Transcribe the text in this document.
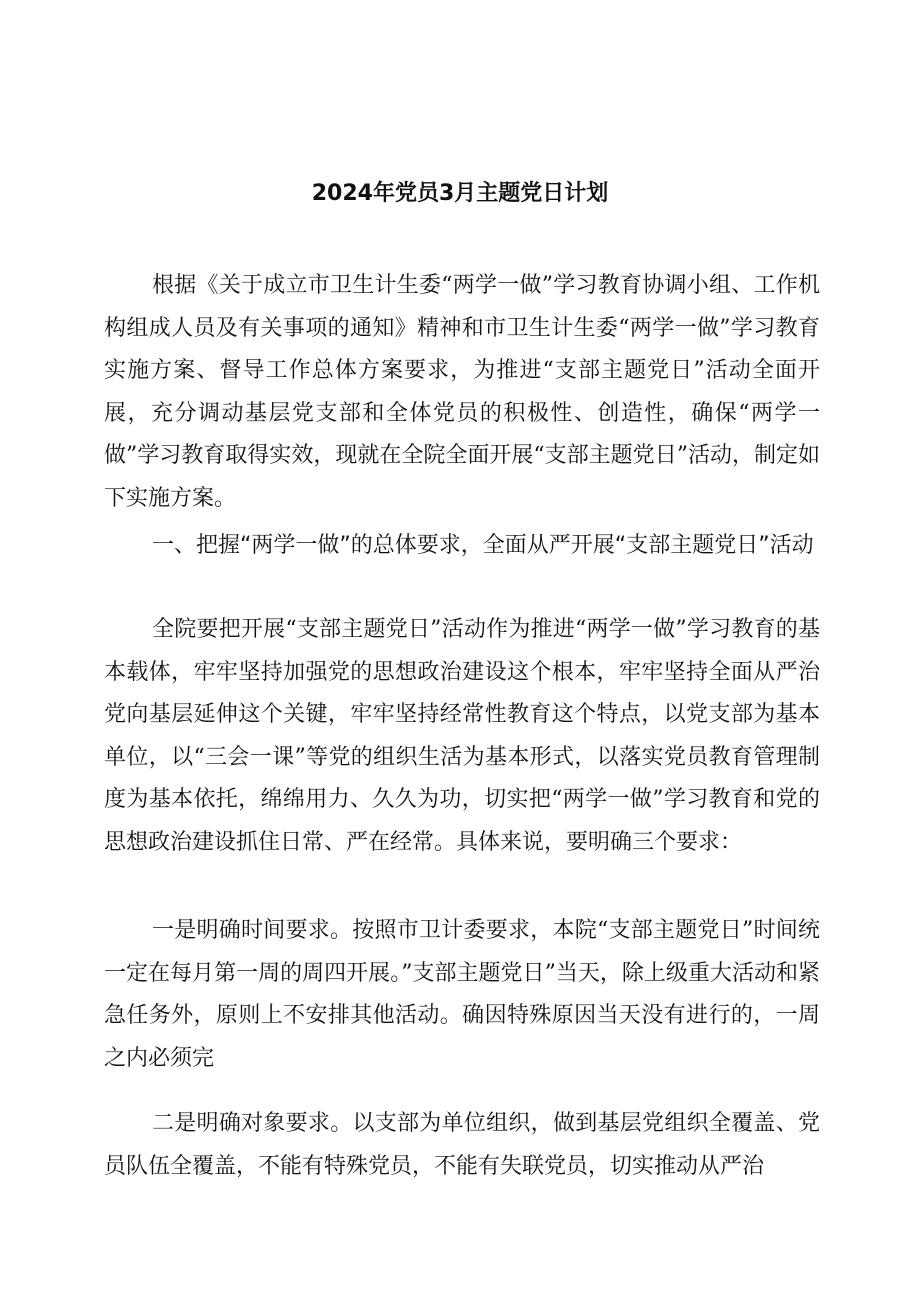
2024年党员3月主题党日计划
根据《关于成立市卫生计生委“两学一做”学习教育协调小组、工作机构组成人员及有关事项的通知》精神和市卫生计生委“两学一做”学习教育实施方案、督导工作总体方案要求，为推进“支部主题党日”活动全面开展，充分调动基层党支部和全体党员的积极性、创造性，确保“两学一做”学习教育取得实效，现就在全院全面开展“支部主题党日”活动，制定如下实施方案。
一、把握“两学一做”的总体要求，全面从严开展“支部主题党日”活动
全院要把开展“支部主题党日”活动作为推进“两学一做”学习教育的基本载体，牢牢坚持加强党的思想政治建设这个根本，牢牢坚持全面从严治党向基层延伸这个关键，牢牢坚持经常性教育这个特点，以党支部为基本单位，以“三会一课”等党的组织生活为基本形式，以落实党员教育管理制度为基本依托，绵绵用力、久久为功，切实把“两学一做”学习教育和党的思想政治建设抓住日常、严在经常。具体来说，要明确三个要求：
一是明确时间要求。按照市卫计委要求，本院“支部主题党日”时间统一定在每月第一周的周四开展。”支部主题党日”当天，除上级重大活动和紧急任务外，原则上不安排其他活动。确因特殊原因当天没有进行的，一周之内必须完
二是明确对象要求。以支部为单位组织，做到基层党组织全覆盖、党员队伍全覆盖，不能有特殊党员，不能有失联党员，切实推动从严治
